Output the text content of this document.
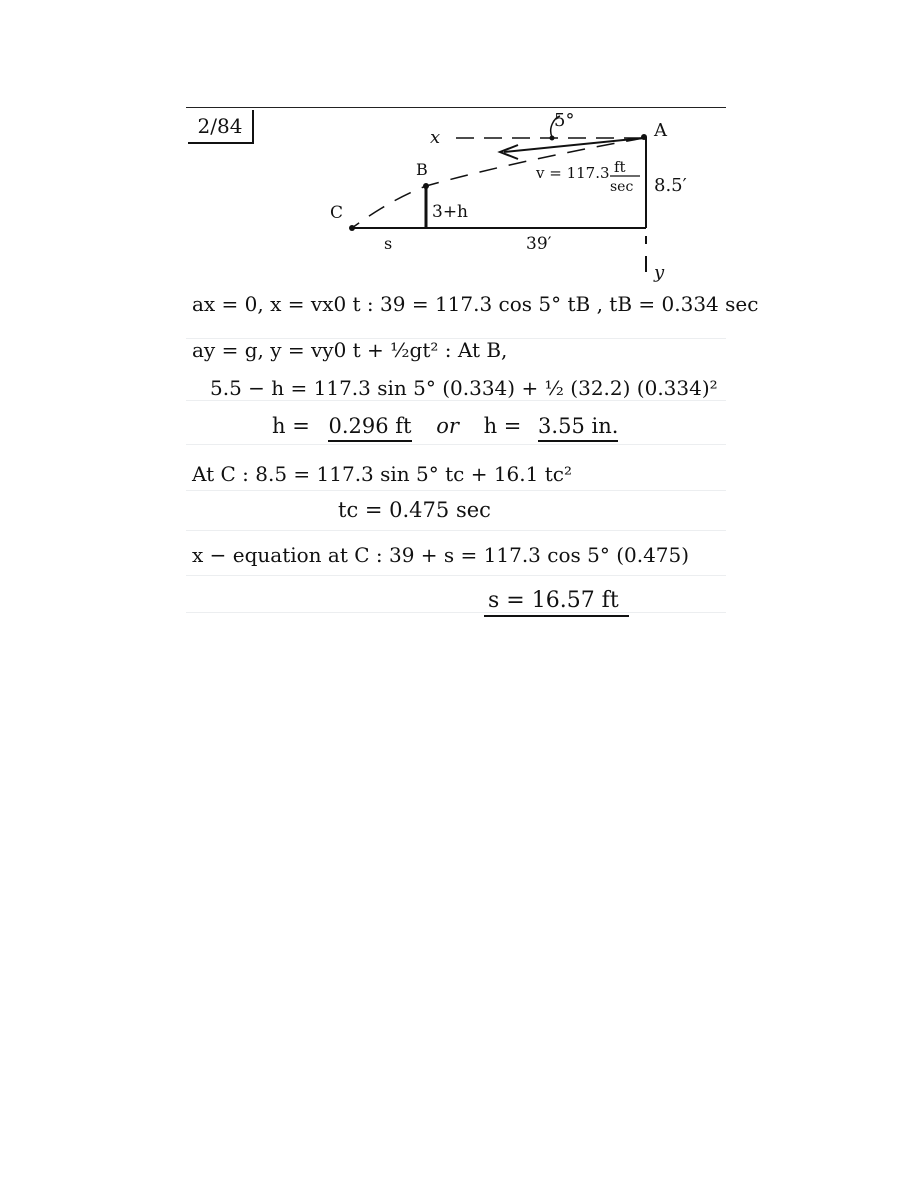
2/84	A
B
C
x
y
5°
v = 117.3 ft
sec 8.5′
3+h
s	39′
ax = 0, x = vx0 t : 39 = 117.3 cos 5° tB , tB = 0.334 sec
ay = g, y = vy0 t + ½gt² : At B,
5.5 − h = 117.3 sin 5° (0.334) + ½ (32.2) (0.334)²
h = 0.296 ft or h = 3.55 in.
At C : 8.5 = 117.3 sin 5° tc + 16.1 tc²
tc = 0.475 sec
x − equation at C : 39 + s = 117.3 cos 5° (0.475)
s = 16.57 ft
